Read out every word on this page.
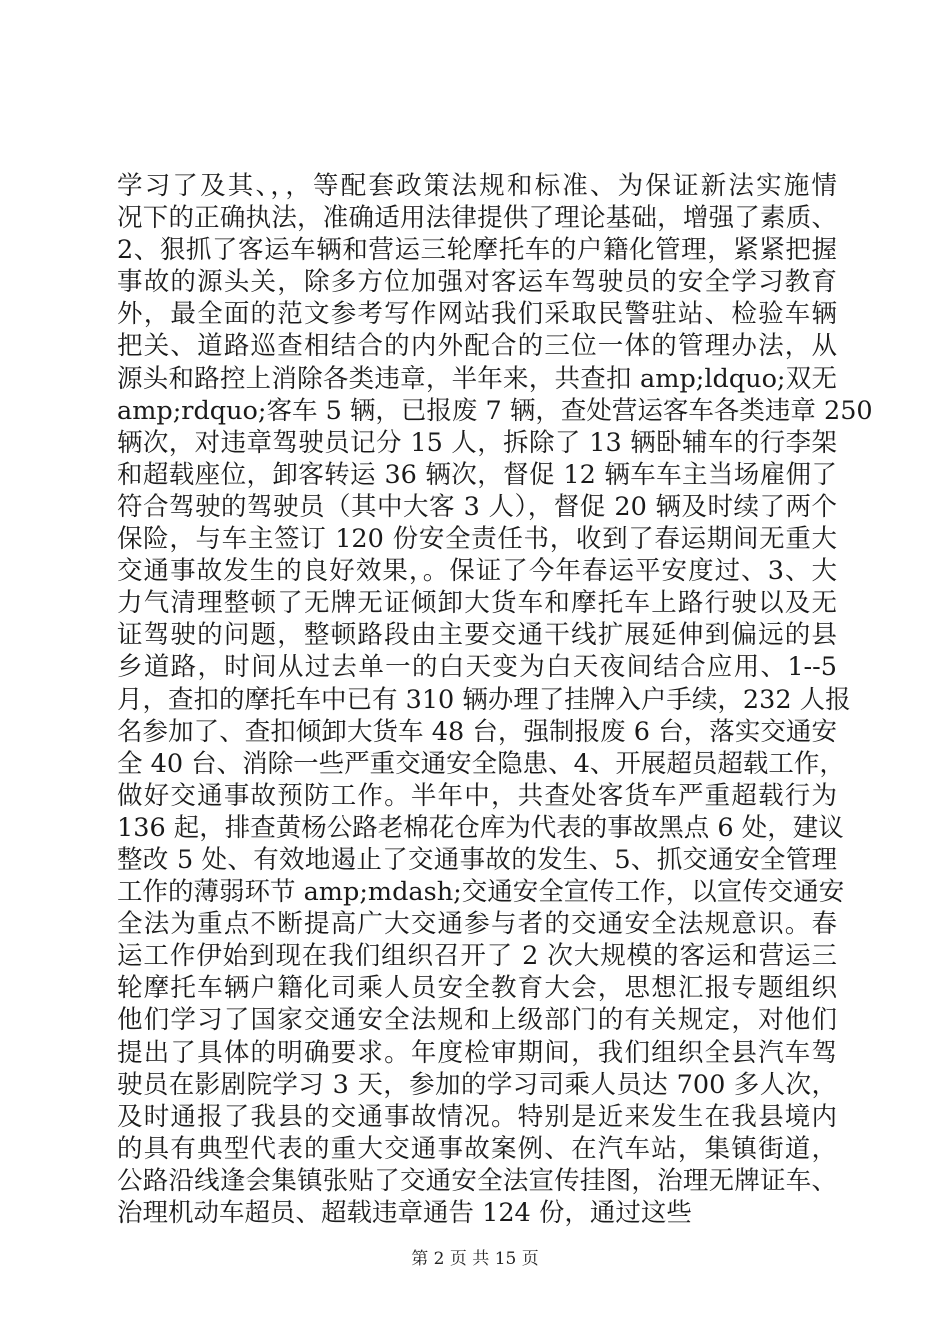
学习了及其、，，等配套政策法规和标准、为保证新法实施情
况下的正确执法，准确适用法律提供了理论基础，增强了素质、
2、狠抓了客运车辆和营运三轮摩托车的户籍化管理，紧紧把握
事故的源头关，除多方位加强对客运车驾驶员的安全学习教育
外，最全面的范文参考写作网站我们采取民警驻站、检验车辆
把关、道路巡查相结合的内外配合的三位一体的管理办法，从
源头和路控上消除各类违章，半年来，共查扣 amp;ldquo;双无
amp;rdquo;客车 5 辆，已报废 7 辆，查处营运客车各类违章 250
辆次，对违章驾驶员记分 15 人，拆除了 13 辆卧辅车的行李架
和超载座位，卸客转运 36 辆次，督促 12 辆车车主当场雇佣了
符合驾驶的驾驶员（其中大客 3 人），督促 20 辆及时续了两个
保险，与车主签订 120 份安全责任书，收到了春运期间无重大
交通事故发生的良好效果，。保证了今年春运平安度过、3、大
力气清理整顿了无牌无证倾卸大货车和摩托车上路行驶以及无
证驾驶的问题，整顿路段由主要交通干线扩展延伸到偏远的县
乡道路，时间从过去单一的白天变为白天夜间结合应用、1--5
月，查扣的摩托车中已有 310 辆办理了挂牌入户手续，232 人报
名参加了、查扣倾卸大货车 48 台，强制报废 6 台，落实交通安
全 40 台、消除一些严重交通安全隐患、4、开展超员超载工作，
做好交通事故预防工作。半年中，共查处客货车严重超载行为
136 起，排查黄杨公路老棉花仓库为代表的事故黑点 6 处，建议
整改 5 处、有效地遏止了交通事故的发生、5、抓交通安全管理
工作的薄弱环节 amp;mdash;交通安全宣传工作，以宣传交通安
全法为重点不断提高广大交通参与者的交通安全法规意识。春
运工作伊始到现在我们组织召开了 2 次大规模的客运和营运三
轮摩托车辆户籍化司乘人员安全教育大会，思想汇报专题组织
他们学习了国家交通安全法规和上级部门的有关规定，对他们
提出了具体的明确要求。年度检审期间，我们组织全县汽车驾
驶员在影剧院学习 3 天，参加的学习司乘人员达 700 多人次，
及时通报了我县的交通事故情况。特别是近来发生在我县境内
的具有典型代表的重大交通事故案例、在汽车站，集镇街道，
公路沿线逢会集镇张贴了交通安全法宣传挂图，治理无牌证车、
治理机动车超员、超载违章通告 124 份，通过这些
第 2 页 共 15 页
